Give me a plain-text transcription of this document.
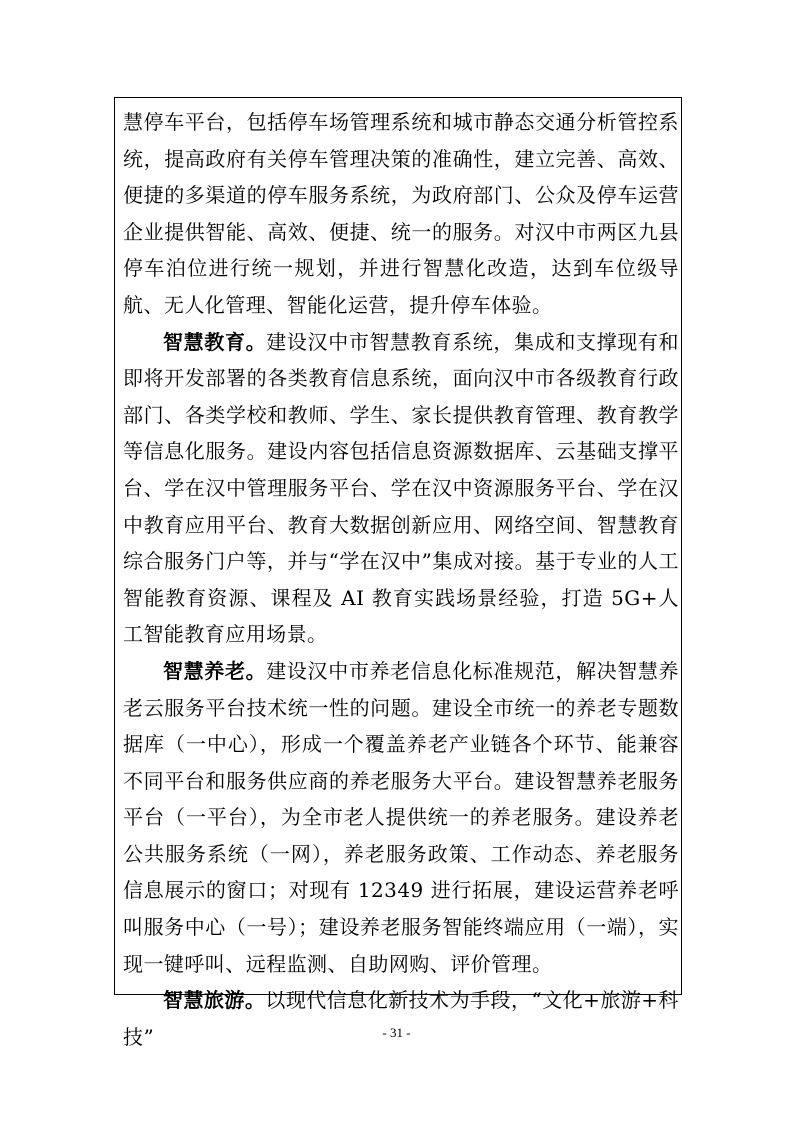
慧停车平台，包括停车场管理系统和城市静态交通分析管控系统，提高政府有关停车管理决策的准确性，建立完善、高效、便捷的多渠道的停车服务系统，为政府部门、公众及停车运营企业提供智能、高效、便捷、统一的服务。对汉中市两区九县停车泊位进行统一规划，并进行智慧化改造，达到车位级导航、无人化管理、智能化运营，提升停车体验。

智慧教育。建设汉中市智慧教育系统，集成和支撑现有和即将开发部署的各类教育信息系统，面向汉中市各级教育行政部门、各类学校和教师、学生、家长提供教育管理、教育教学等信息化服务。建设内容包括信息资源数据库、云基础支撑平台、学在汉中管理服务平台、学在汉中资源服务平台、学在汉中教育应用平台、教育大数据创新应用、网络空间、智慧教育综合服务门户等，并与“学在汉中”集成对接。基于专业的人工智能教育资源、课程及 AI 教育实践场景经验，打造 5G+人工智能教育应用场景。

智慧养老。建设汉中市养老信息化标准规范，解决智慧养老云服务平台技术统一性的问题。建设全市统一的养老专题数据库（一中心），形成一个覆盖养老产业链各个环节、能兼容不同平台和服务供应商的养老服务大平台。建设智慧养老服务平台（一平台），为全市老人提供统一的养老服务。建设养老公共服务系统（一网），养老服务政策、工作动态、养老服务信息展示的窗口；对现有 12349 进行拓展，建设运营养老呼叫服务中心（一号）；建设养老服务智能终端应用（一端），实现一键呼叫、远程监测、自助网购、评价管理。

智慧旅游。以现代信息化新技术为手段，“文化+旅游+科技”	- 31 -
